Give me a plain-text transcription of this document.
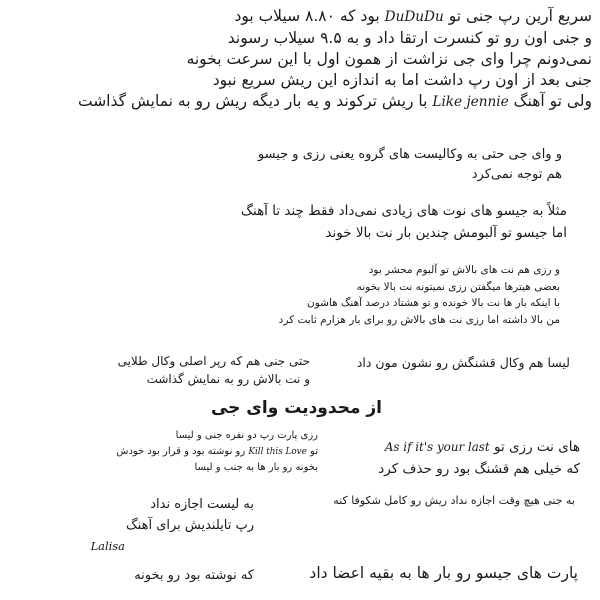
سریع آرین رپ جنی تو DuDuDu بود که ۸.۸۰ سیلاب بود
و جنی اون رو تو کنسرت ارتقا داد و به ۹.۵ سیلاب رسوند
نمی‌دونم چرا وای جی نزاشت از همون اول با این سرعت بخونه
جنی بعد از اون رپ داشت اما به اندازه این ریش سریع نبود
ولی تو آهنگ Like jennie با ریش ترکوند و یه بار دیگه ریش رو به نمایش گذاشت
و وای جی حتی به وکالیست های گروه یعنی رزی و جیسو
هم توجه نمی‌کرد
مثلاً به جیسو های نوت های زیادی نمی‌داد فقط چند تا آهنگ
اما جیسو تو آلبومش چندین بار نت بالا خوند
و رزی هم نت های بالاش تو آلبوم محشر بود
بعضی هیترها میگفتن رزی نمیتونه نت بالا بخونه
با اینکه بار ها نت بالا خونده و تو هشتاد درصد آهنگ هاشون
من بالا داشته اما رزی نت های بالاش رو برای بار هزارم ثابت کرد
حتی جنی هم که رپر اصلی وکال طلایی
و نت بالاش رو به نمایش گذاشت
لیسا هم وکال قشنگش رو نشون مون داد
از محدودیت وای جی
رزی پارت رپ دو نفره جنی و لیسا
تو Kill this Love رو نوشته بود و قرار بود خودش
بخونه رو بار ها به جنب و لیسا
های نت رزی تو As if it's your last
که خیلی هم قشنگ بود رو حذف کرد
به جنی هیچ وقت اجازه نداد ریش رو کامل شکوفا کنه
به لیست اجازه نداد
رپ تایلندیش برای آهنگ
Lalisa
که نوشته بود رو بخونه	پارت های جیسو رو بار ها به بقیه اعضا داد
